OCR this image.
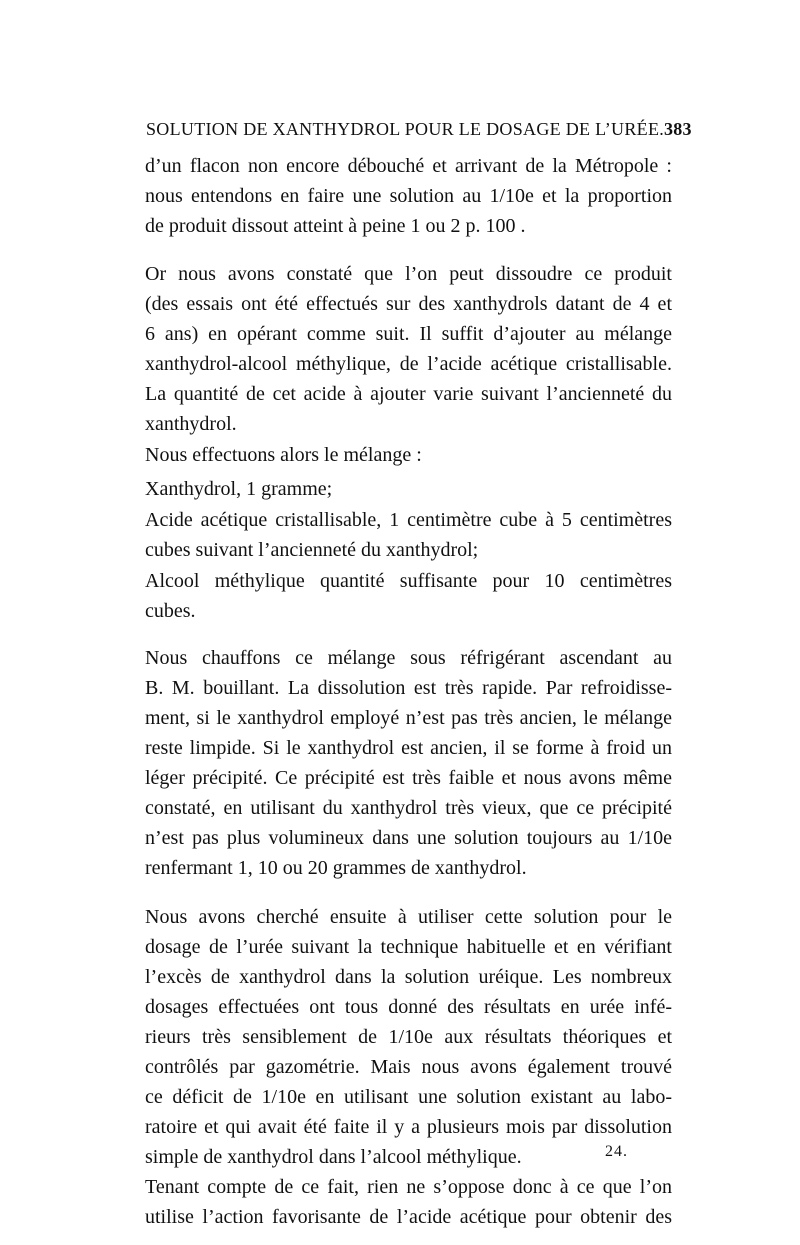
SOLUTION DE XANTHYDROL POUR LE DOSAGE DE L’URÉE. 383
d’un flacon non encore débouché et arrivant de la Métropole :
nous entendons en faire une solution au 1/10e et la proportion
de produit dissout atteint à peine 1 ou 2 p. 100 .
Or nous avons constaté que l’on peut dissoudre ce produit
(des essais ont été effectués sur des xanthydrols datant de 4 et
6 ans) en opérant comme suit. Il suffit d’ajouter au mélange
xanthydrol-alcool méthylique, de l’acide acétique cristallisable.
La quantité de cet acide à ajouter varie suivant l’ancienneté du
xanthydrol.
Nous effectuons alors le mélange :
Xanthydrol, 1 gramme;
Acide acétique cristallisable, 1 centimètre cube à 5 centimètres
cubes suivant l’ancienneté du xanthydrol;
Alcool méthylique quantité suffisante pour 10 centimètres
cubes.
Nous chauffons ce mélange sous réfrigérant ascendant au
B. M. bouillant. La dissolution est très rapide. Par refroidisse-
ment, si le xanthydrol employé n’est pas très ancien, le mélange
reste limpide. Si le xanthydrol est ancien, il se forme à froid un
léger précipité. Ce précipité est très faible et nous avons même
constaté, en utilisant du xanthydrol très vieux, que ce précipité
n’est pas plus volumineux dans une solution toujours au 1/10e
renfermant 1, 10 ou 20 grammes de xanthydrol.
Nous avons cherché ensuite à utiliser cette solution pour le
dosage de l’urée suivant la technique habituelle et en vérifiant
l’excès de xanthydrol dans la solution uréique. Les nombreux
dosages effectuées ont tous donné des résultats en urée infé-
rieurs très sensiblement de 1/10e aux résultats théoriques et
contrôlés par gazométrie. Mais nous avons également trouvé
ce déficit de 1/10e en utilisant une solution existant au labo-
ratoire et qui avait été faite il y a plusieurs mois par dissolution
simple de xanthydrol dans l’alcool méthylique.
Tenant compte de ce fait, rien ne s’oppose donc à ce que l’on
utilise l’action favorisante de l’acide acétique pour obtenir des
24.
